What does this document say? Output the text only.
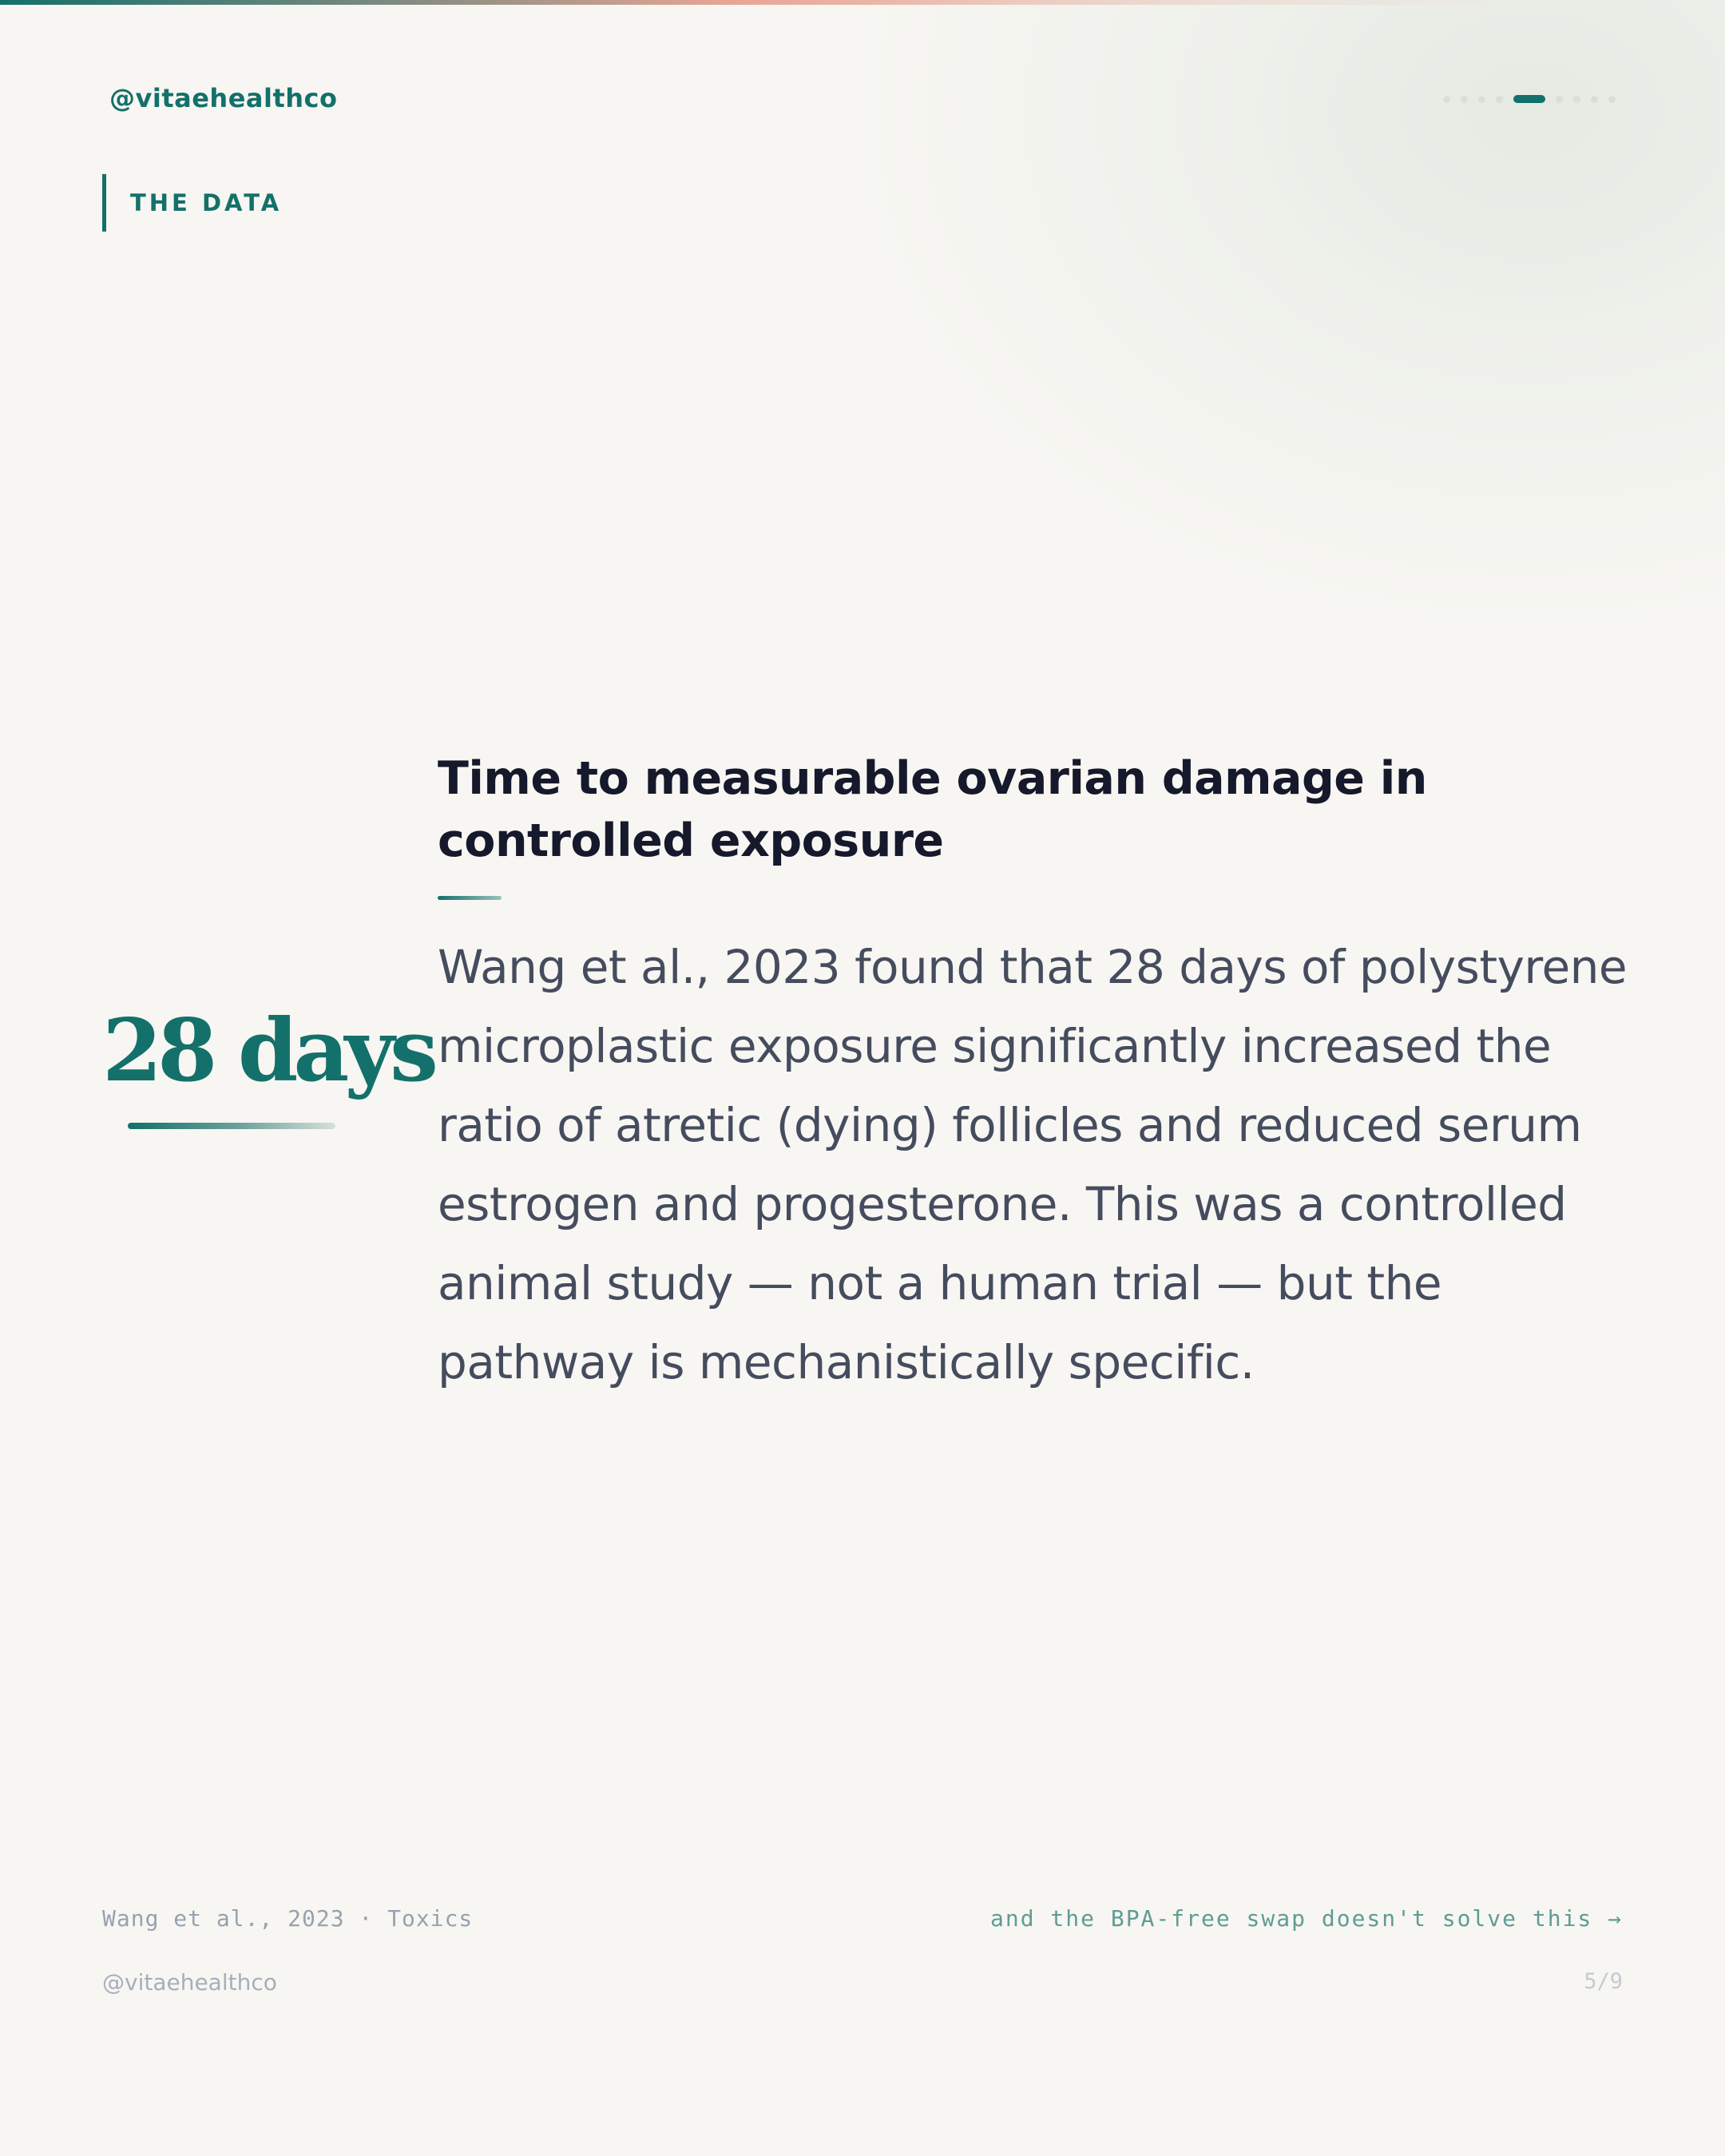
@vitaehealthco
THE DATA
28 days
Time to measurable ovarian damage in controlled exposure
Wang et al., 2023 found that 28 days of polystyrene microplastic exposure significantly increased the ratio of atretic (dying) follicles and reduced serum estrogen and progesterone. This was a controlled animal study — not a human trial — but the pathway is mechanistically specific.
Wang et al., 2023 · Toxics	and the BPA-free swap doesn't solve this →
@vitaehealthco	5/9
